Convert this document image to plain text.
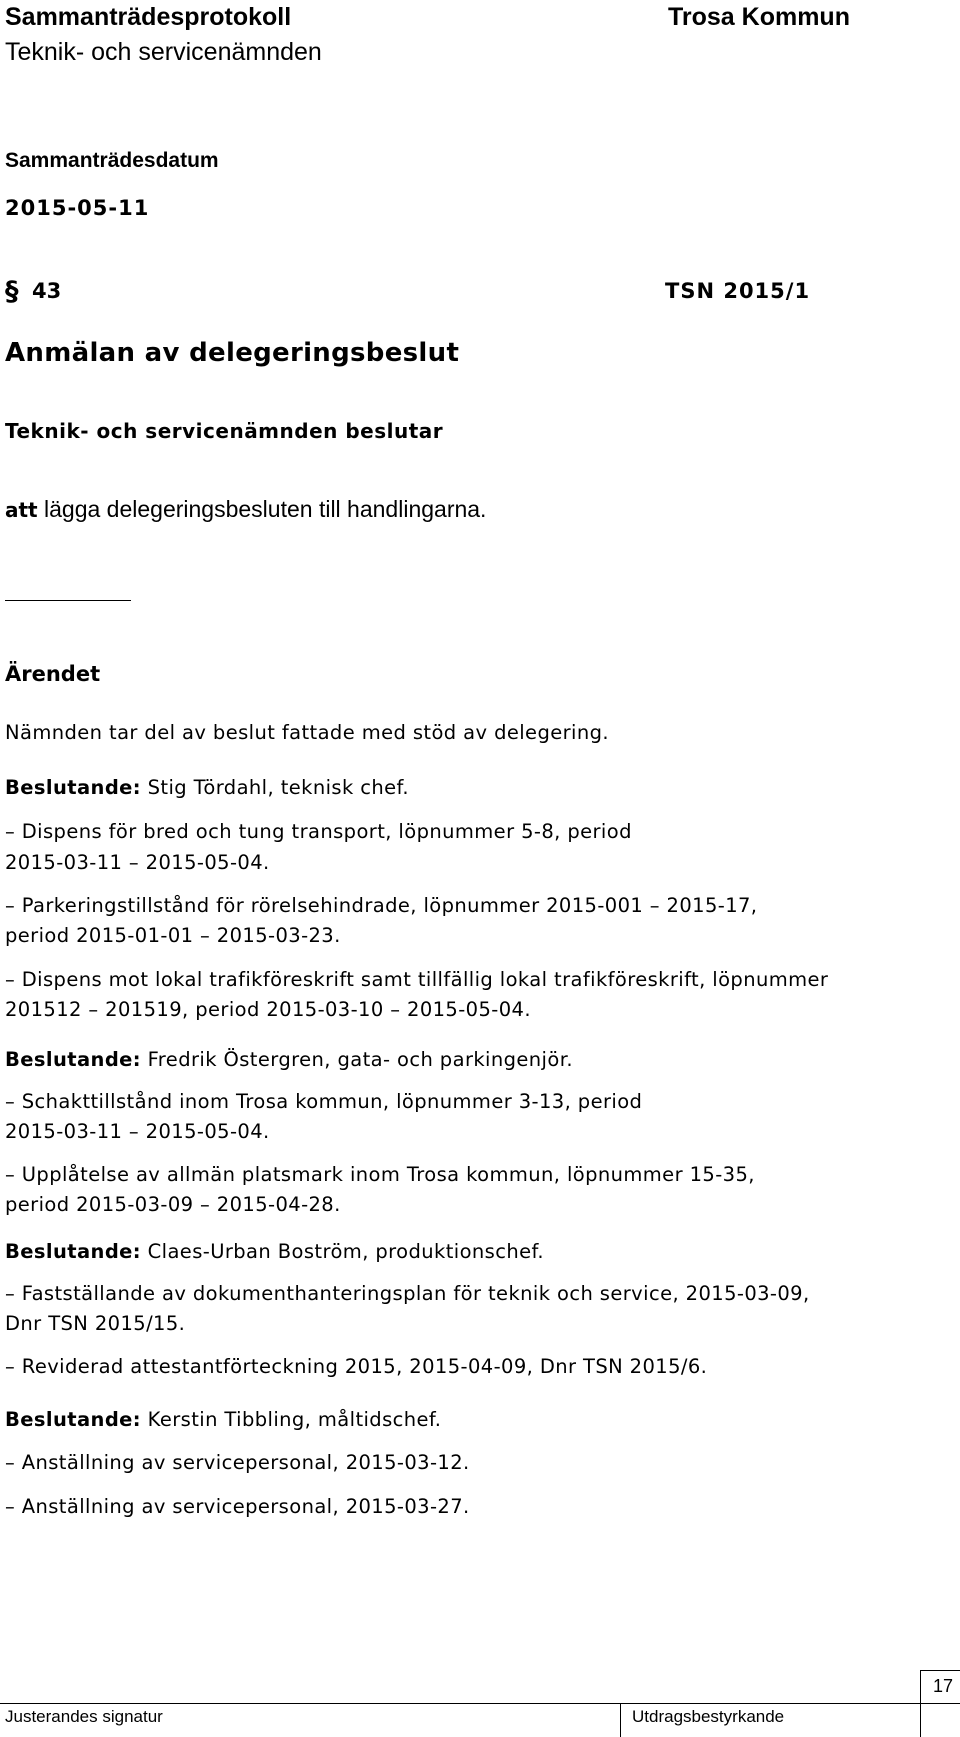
Sammanträdesprotokoll	Trosa Kommun
Teknik- och servicenämnden
Sammanträdesdatum
2015-05-11
§ 43	TSN 2015/1
Anmälan av delegeringsbeslut
Teknik- och servicenämnden beslutar
att lägga delegeringsbesluten till handlingarna.
Ärendet
Nämnden tar del av beslut fattade med stöd av delegering.
Beslutande: Stig Tördahl, teknisk chef.
– Dispens för bred och tung transport, löpnummer 5-8, period
2015-03-11 – 2015-05-04.
– Parkeringstillstånd för rörelsehindrade, löpnummer 2015-001 – 2015-17,
period 2015-01-01 – 2015-03-23.
– Dispens mot lokal trafikföreskrift samt tillfällig lokal trafikföreskrift, löpnummer
201512 – 201519, period 2015-03-10 – 2015-05-04.
Beslutande: Fredrik Östergren, gata- och parkingenjör.
– Schakttillstånd inom Trosa kommun, löpnummer 3-13, period
2015-03-11 – 2015-05-04.
– Upplåtelse av allmän platsmark inom Trosa kommun, löpnummer 15-35,
period 2015-03-09 – 2015-04-28.
Beslutande: Claes-Urban Boström, produktionschef.
– Fastställande av dokumenthanteringsplan för teknik och service, 2015-03-09,
Dnr TSN 2015/15.
– Reviderad attestantförteckning 2015, 2015-04-09, Dnr TSN 2015/6.
Beslutande: Kerstin Tibbling, måltidschef.
– Anställning av servicepersonal, 2015-03-12.
– Anställning av servicepersonal, 2015-03-27.
Justerandes signatur	Utdragsbestyrkande
17
